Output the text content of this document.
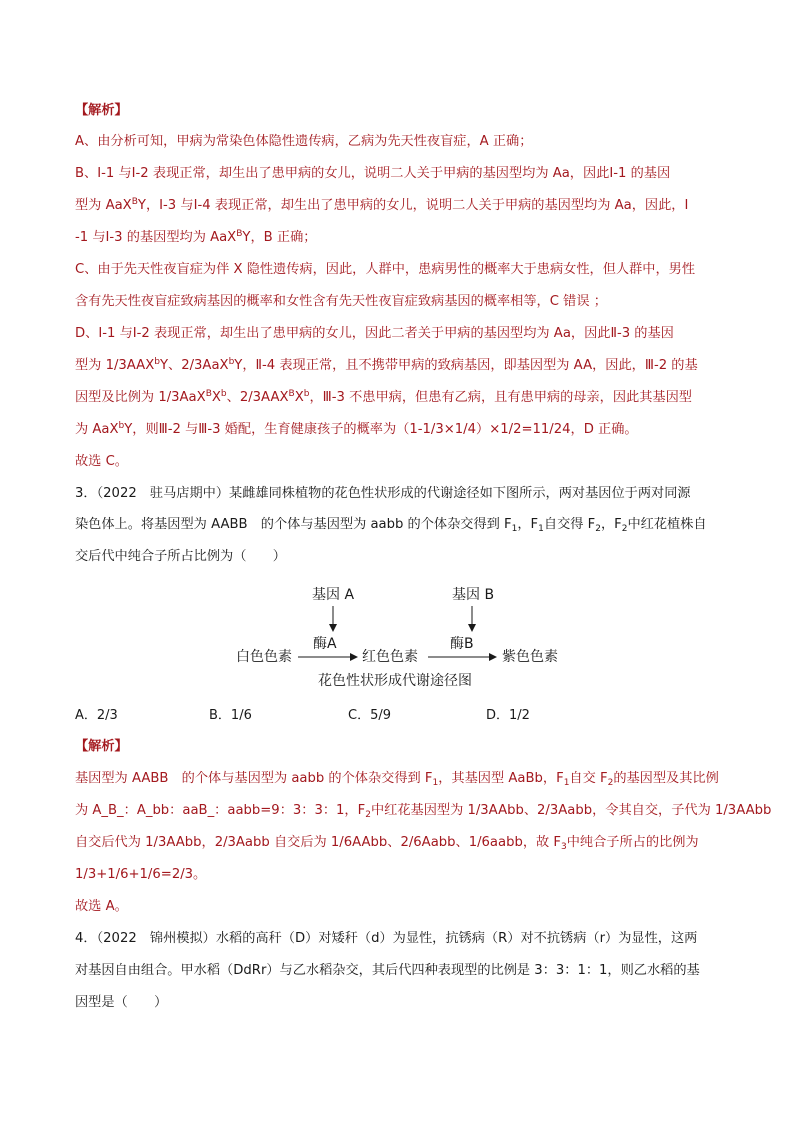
【解析】
A、由分析可知，甲病为常染色体隐性遗传病，乙病为先天性夜盲症，A 正确；
B、Ⅰ-1 与Ⅰ-2 表现正常，却生出了患甲病的女儿，说明二人关于甲病的基因型均为 Aa，因此Ⅰ-1 的基因
型为 AaX$^B$Y，Ⅰ-3 与Ⅰ-4 表现正常，却生出了患甲病的女儿，说明二人关于甲病的基因型均为 Aa，因此，Ⅰ
-1 与Ⅰ-3 的基因型均为 AaX$^B$Y，B 正确；
C、由于先天性夜盲症为伴 X 隐性遗传病，因此，人群中，患病男性的概率大于患病女性，但人群中，男性
含有先天性夜盲症致病基因的概率和女性含有先天性夜盲症致病基因的概率相等，C 错误 ；
D、Ⅰ-1 与Ⅰ-2 表现正常，却生出了患甲病的女儿，因此二者关于甲病的基因型均为 Aa，因此Ⅱ-3 的基因
型为 1/3AAX$^b$Y、2/3AaX$^b$Y，Ⅱ-4 表现正常，且不携带甲病的致病基因，即基因型为 AA，因此，Ⅲ-2 的基
因型及比例为 $1/3AaX^BX^b$、$2/3AAX^BX^b$，Ⅲ-3 不患甲病，但患有乙病，且有患甲病的母亲，因此其基因型
为 AaX$^b$Y，则Ⅲ-2 与Ⅲ-3 婚配，生育健康孩子的概率为（1-1/3×1/4）×1/2=11/24，D 正确。
故选 C。
3．（2022　驻马店期中）某雌雄同株植物的花色性状形成的代谢途径如下图所示，两对基因位于两对同源
染色体上。将基因型为 AABB　的个体与基因型为 aabb 的个体杂交得到 $F_1$，$F_1$自交得 $F_2$，$F_2$中红花植株自
交后代中纯合子所占比例为（　　）
基因 A	基因 B
酶A	酶B
白色色素	红色色素	紫色色素
花色性状形成代谢途径图
A．2/3	B．1/6	C．5/9	D．1/2
【解析】
基因型为 AABB　的个体与基因型为 aabb 的个体杂交得到 $F_1$，其基因型 AaBb，$F_1$自交 $F_2$的基因型及其比例
为 A_B_：A_bb：aaB_：aabb=9：3：3：1，$F_2$中红花基因型为 1/3AAbb、2/3Aabb，令其自交，子代为 1/3AAbb
自交后代为 1/3AAbb，2/3Aabb 自交后为 1/6AAbb、2/6Aabb、1/6aabb，故 $F_3$中纯合子所占的比例为
1/3+1/6+1/6=2/3。
故选 A。
4．（2022　锦州模拟）水稻的高秆（D）对矮秆（d）为显性，抗锈病（R）对不抗锈病（r）为显性，这两
对基因自由组合。甲水稻（DdRr）与乙水稻杂交，其后代四种表现型的比例是 3：3：1：1，则乙水稻的基
因型是（　　）
